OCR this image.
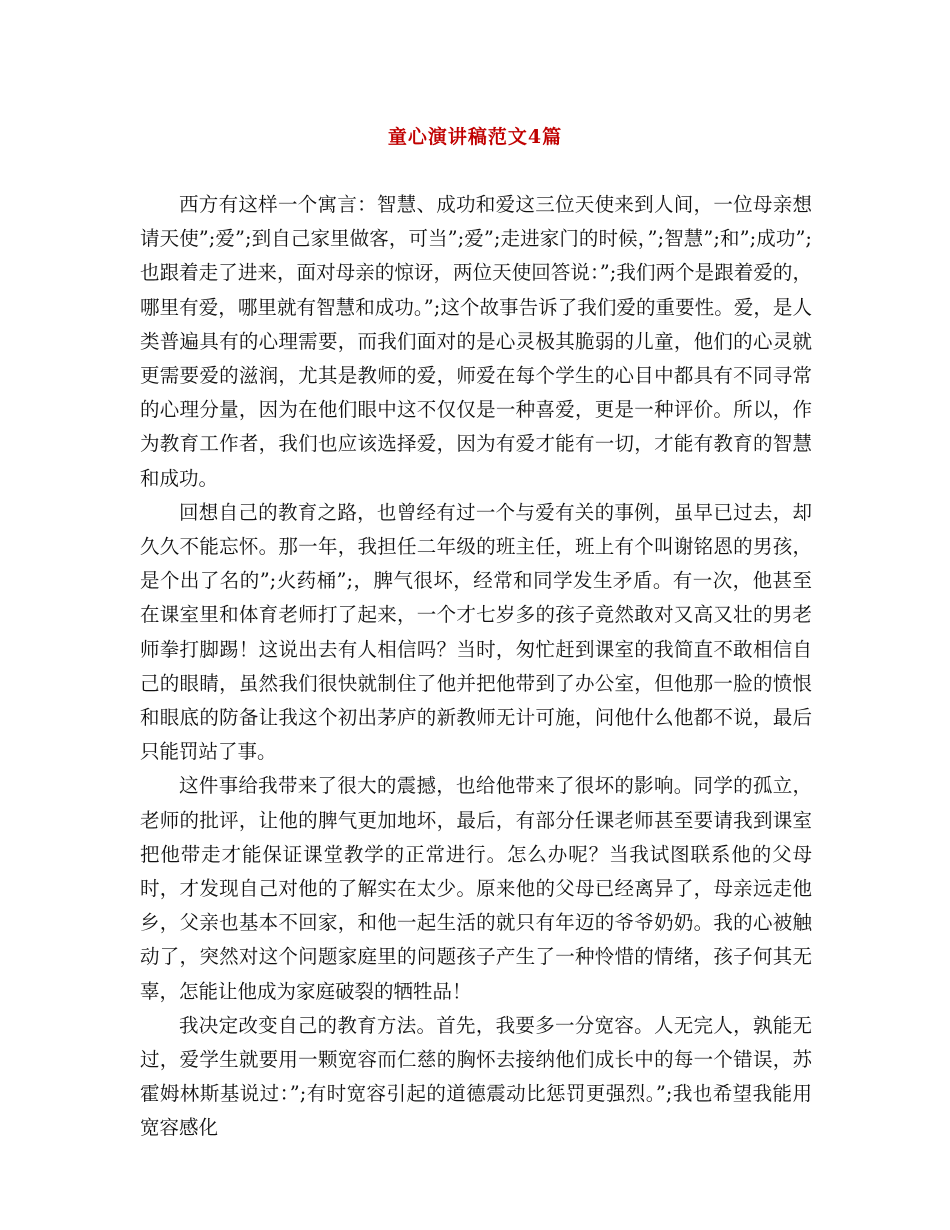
童心演讲稿范文4篇

西方有这样一个寓言：智慧、成功和爱这三位天使来到人间，一位母亲想请天使”;爱”;到自己家里做客，可当”;爱”;走进家门的时候，”;智慧”;和”;成功”;也跟着走了进来，面对母亲的惊讶，两位天使回答说：”;我们两个是跟着爱的，哪里有爱，哪里就有智慧和成功。”;这个故事告诉了我们爱的重要性。爱，是人类普遍具有的心理需要，而我们面对的是心灵极其脆弱的儿童，他们的心灵就更需要爱的滋润，尤其是教师的爱，师爱在每个学生的心目中都具有不同寻常的心理分量，因为在他们眼中这不仅仅是一种喜爱，更是一种评价。所以，作为教育工作者，我们也应该选择爱，因为有爱才能有一切，才能有教育的智慧和成功。

回想自己的教育之路，也曾经有过一个与爱有关的事例，虽早已过去，却久久不能忘怀。那一年，我担任二年级的班主任，班上有个叫谢铭恩的男孩，是个出了名的”;火药桶”;，脾气很坏，经常和同学发生矛盾。有一次，他甚至在课室里和体育老师打了起来，一个才七岁多的孩子竟然敢对又高又壮的男老师拳打脚踢！这说出去有人相信吗？当时，匆忙赶到课室的我简直不敢相信自己的眼睛，虽然我们很快就制住了他并把他带到了办公室，但他那一脸的愤恨和眼底的防备让我这个初出茅庐的新教师无计可施，问他什么他都不说，最后只能罚站了事。

这件事给我带来了很大的震撼，也给他带来了很坏的影响。同学的孤立，老师的批评，让他的脾气更加地坏，最后，有部分任课老师甚至要请我到课室把他带走才能保证课堂教学的正常进行。怎么办呢？当我试图联系他的父母时，才发现自己对他的了解实在太少。原来他的父母已经离异了，母亲远走他乡，父亲也基本不回家，和他一起生活的就只有年迈的爷爷奶奶。我的心被触动了，突然对这个问题家庭里的问题孩子产生了一种怜惜的情绪，孩子何其无辜，怎能让他成为家庭破裂的牺牲品！

我决定改变自己的教育方法。首先，我要多一分宽容。人无完人，孰能无过，爱学生就要用一颗宽容而仁慈的胸怀去接纳他们成长中的每一个错误，苏霍姆林斯基说过：”;有时宽容引起的道德震动比惩罚更强烈。”;我也希望我能用宽容感化
